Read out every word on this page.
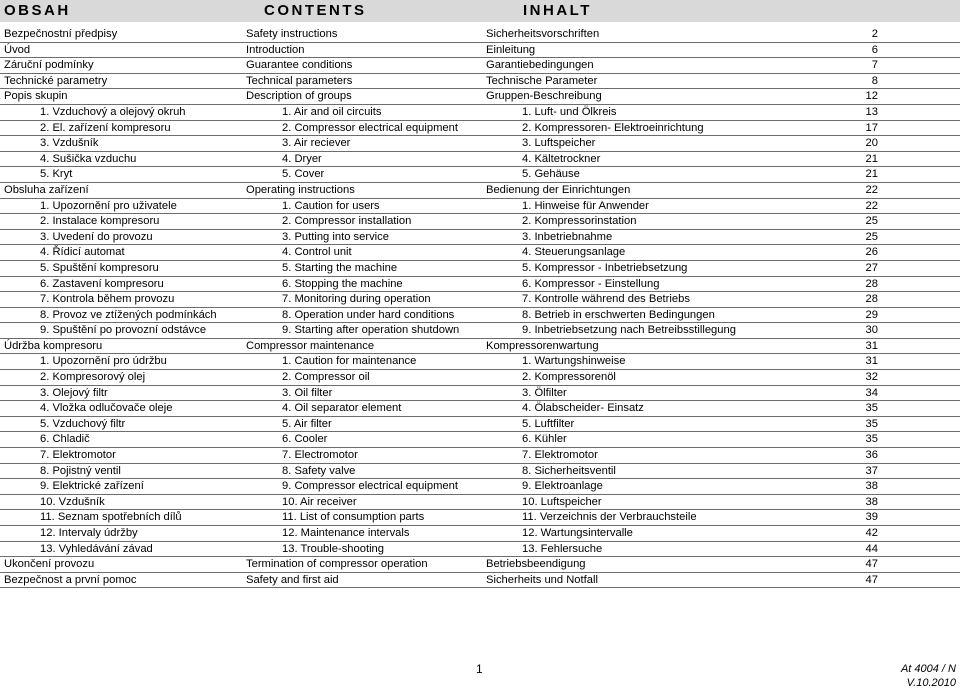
OBSAH	CONTENTS	INHALT
Bezpečnostní předpisy	Safety instructions	Sicherheitsvorschriften	2
Úvod	Introduction	Einleitung	6
Záruční podmínky	Guarantee conditions	Garantiebedingungen	7
Technické parametry	Technical parameters	Technische Parameter	8
Popis skupin	Description of groups	Gruppen-Beschreibung	12
1. Vzduchový a olejový okruh	1. Air and oil circuits	1. Luft- und Ölkreis	13
2. El. zařízení kompresoru	2. Compressor electrical equipment	2. Kompressoren- Elektroeinrichtung	17
3. Vzdušník	3. Air reciever	3. Luftspeicher	20
4. Sušička vzduchu	4. Dryer	4. Kältetrockner	21
5. Kryt	5. Cover	5. Gehäuse	21
Obsluha zařízení	Operating instructions	Bedienung der Einrichtungen	22
1. Upozornění pro uživatele	1. Caution for users	1. Hinweise für Anwender	22
2. Instalace kompresoru	2. Compressor installation	2. Kompressorinstation	25
3. Uvedení do provozu	3. Putting into service	3. Inbetriebnahme	25
4. Řídicí automat	4. Control unit	4. Steuerungsanlage	26
5. Spuštění kompresoru	5. Starting the machine	5. Kompressor - Inbetriebsetzung	27
6. Zastavení kompresoru	6. Stopping the machine	6. Kompressor - Einstellung	28
7. Kontrola během provozu	7. Monitoring during operation	7. Kontrolle während des Betriebs	28
8. Provoz ve ztížených podmínkách	8. Operation under hard conditions	8. Betrieb in erschwerten Bedingungen	29
9. Spuštění po provozní odstávce	9. Starting after operation shutdown	9. Inbetriebsetzung nach Betreibsstillegung	30
Údržba kompresoru	Compressor maintenance	Kompressorenwartung	31
1. Upozornění pro údržbu	1. Caution for maintenance	1. Wartungshinweise	31
2. Kompresorový olej	2. Compressor oil	2. Kompressorenöl	32
3. Olejový filtr	3. Oil filter	3. Ölfilter	34
4. Vložka odlučovače oleje	4. Oil separator element	4. Ölabscheider- Einsatz	35
5. Vzduchový filtr	5. Air filter	5. Luftfilter	35
6. Chladič	6. Cooler	6. Kühler	35
7. Elektromotor	7. Electromotor	7. Elektromotor	36
8. Pojistný ventil	8. Safety valve	8. Sicherheitsventil	37
9. Elektrické zařízení	9. Compressor electrical equipment	9. Elektroanlage	38
10. Vzdušník	10. Air receiver	10. Luftspeicher	38
11. Seznam spotřebních dílů	11. List of consumption parts	11. Verzeichnis der Verbrauchsteile	39
12. Intervaly údržby	12. Maintenance intervals	12. Wartungsintervalle	42
13. Vyhledávání závad	13. Trouble-shooting	13. Fehlersuche	44
Ukončení provozu	Termination of compressor operation	Betriebsbeendigung	47
Bezpečnost a první pomoc	Safety and first aid	Sicherheits und Notfall	47
1	At 4004 / N
V.10.2010
